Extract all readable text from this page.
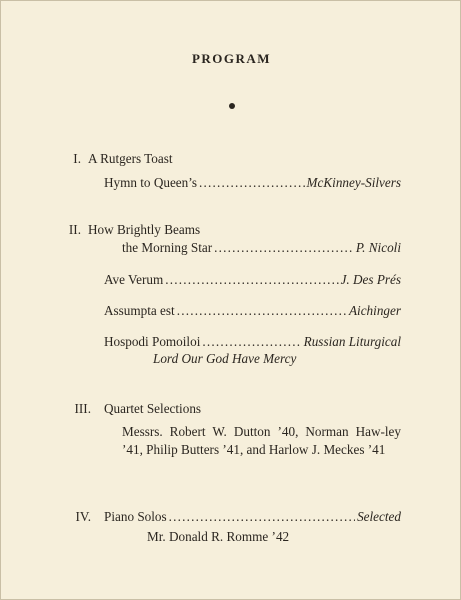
PROGRAM
I. A Rutgers Toast
Hymn to Queen’s .....	McKinney-Silvers
II. How Brightly Beams
the Morning Star .....	P. Nicoli
Ave Verum .....	J. Des Prés
Assumpta est .....	Aichinger
Hospodi Pomoiloi .....	Russian Liturgical
Lord Our God Have Mercy
III. Quartet Selections
Messrs. Robert W. Dutton ’40, Norman Haw-ley ’41, Philip Butters ’41, and Harlow J. Meckes ’41
IV. Piano Solos .....	Selected
Mr. Donald R. Romme ’42
